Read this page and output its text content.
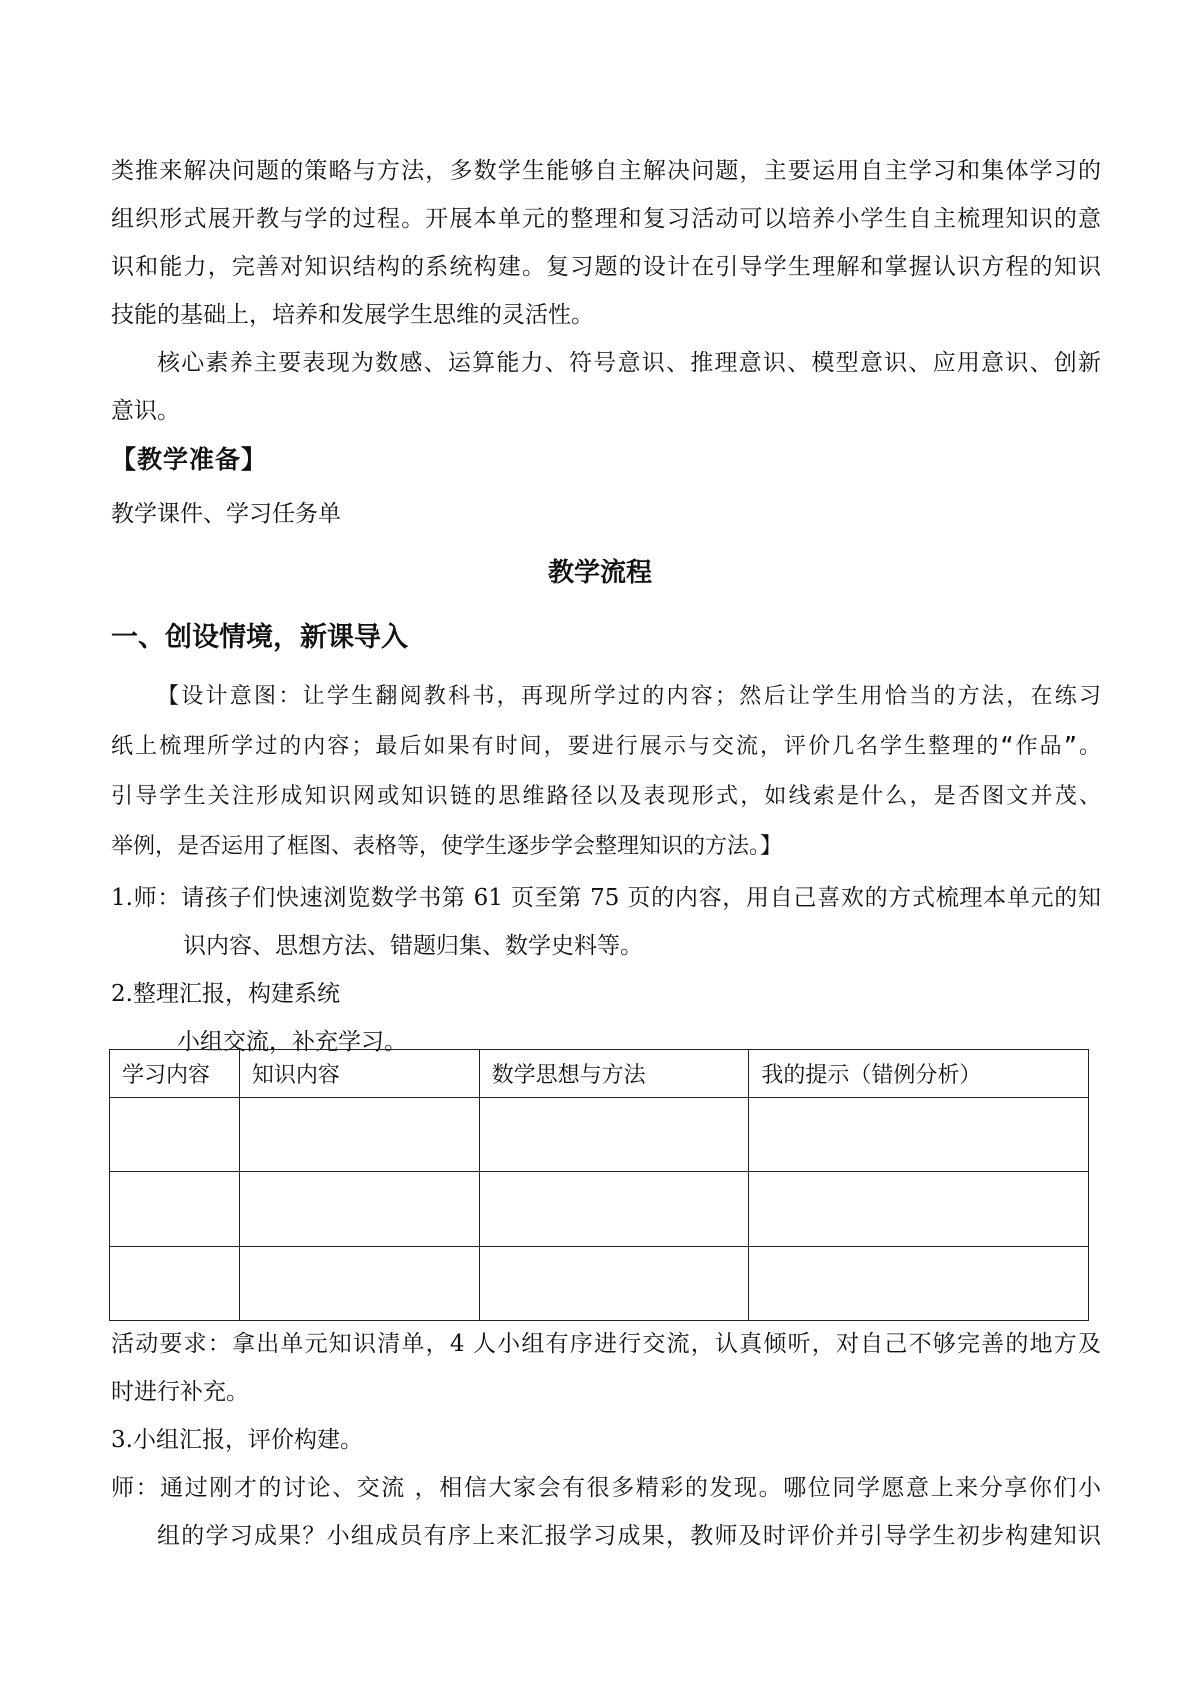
类推来解决问题的策略与方法，多数学生能够自主解决问题，主要运用自主学习和集体学习的

组织形式展开教与学的过程。开展本单元的整理和复习活动可以培养小学生自主梳理知识的意

识和能力，完善对知识结构的系统构建。复习题的设计在引导学生理解和掌握认识方程的知识

技能的基础上，培养和发展学生思维的灵活性。

核心素养主要表现为数感、运算能力、符号意识、推理意识、模型意识、应用意识、创新

意识。

【教学准备】

教学课件、学习任务单

教学流程
一、创设情境，新课导入

【设计意图：让学生翻阅教科书，再现所学过的内容；然后让学生用恰当的方法，在练习

纸上梳理所学过的内容；最后如果有时间，要进行展示与交流，评价几名学生整理的“作品”。

引导学生关注形成知识网或知识链的思维路径以及表现形式，如线索是什么，是否图文并茂、

举例，是否运用了框图、表格等，使学生逐步学会整理知识的方法。】

1.师：请孩子们快速浏览数学书第 61 页至第 75 页的内容，用自己喜欢的方式梳理本单元的知

识内容、思想方法、错题归集、数学史料等。

2.整理汇报，构建系统

小组交流，补充学习。

学习内容	知识内容	数学思想与方法	我的提示（错例分析）

活动要求：拿出单元知识清单，4 人小组有序进行交流，认真倾听，对自己不够完善的地方及

时进行补充。

3.小组汇报，评价构建。

师：通过刚才的讨论、交流 ，相信大家会有很多精彩的发现。哪位同学愿意上来分享你们小

组的学习成果？小组成员有序上来汇报学习成果，教师及时评价并引导学生初步构建知识
